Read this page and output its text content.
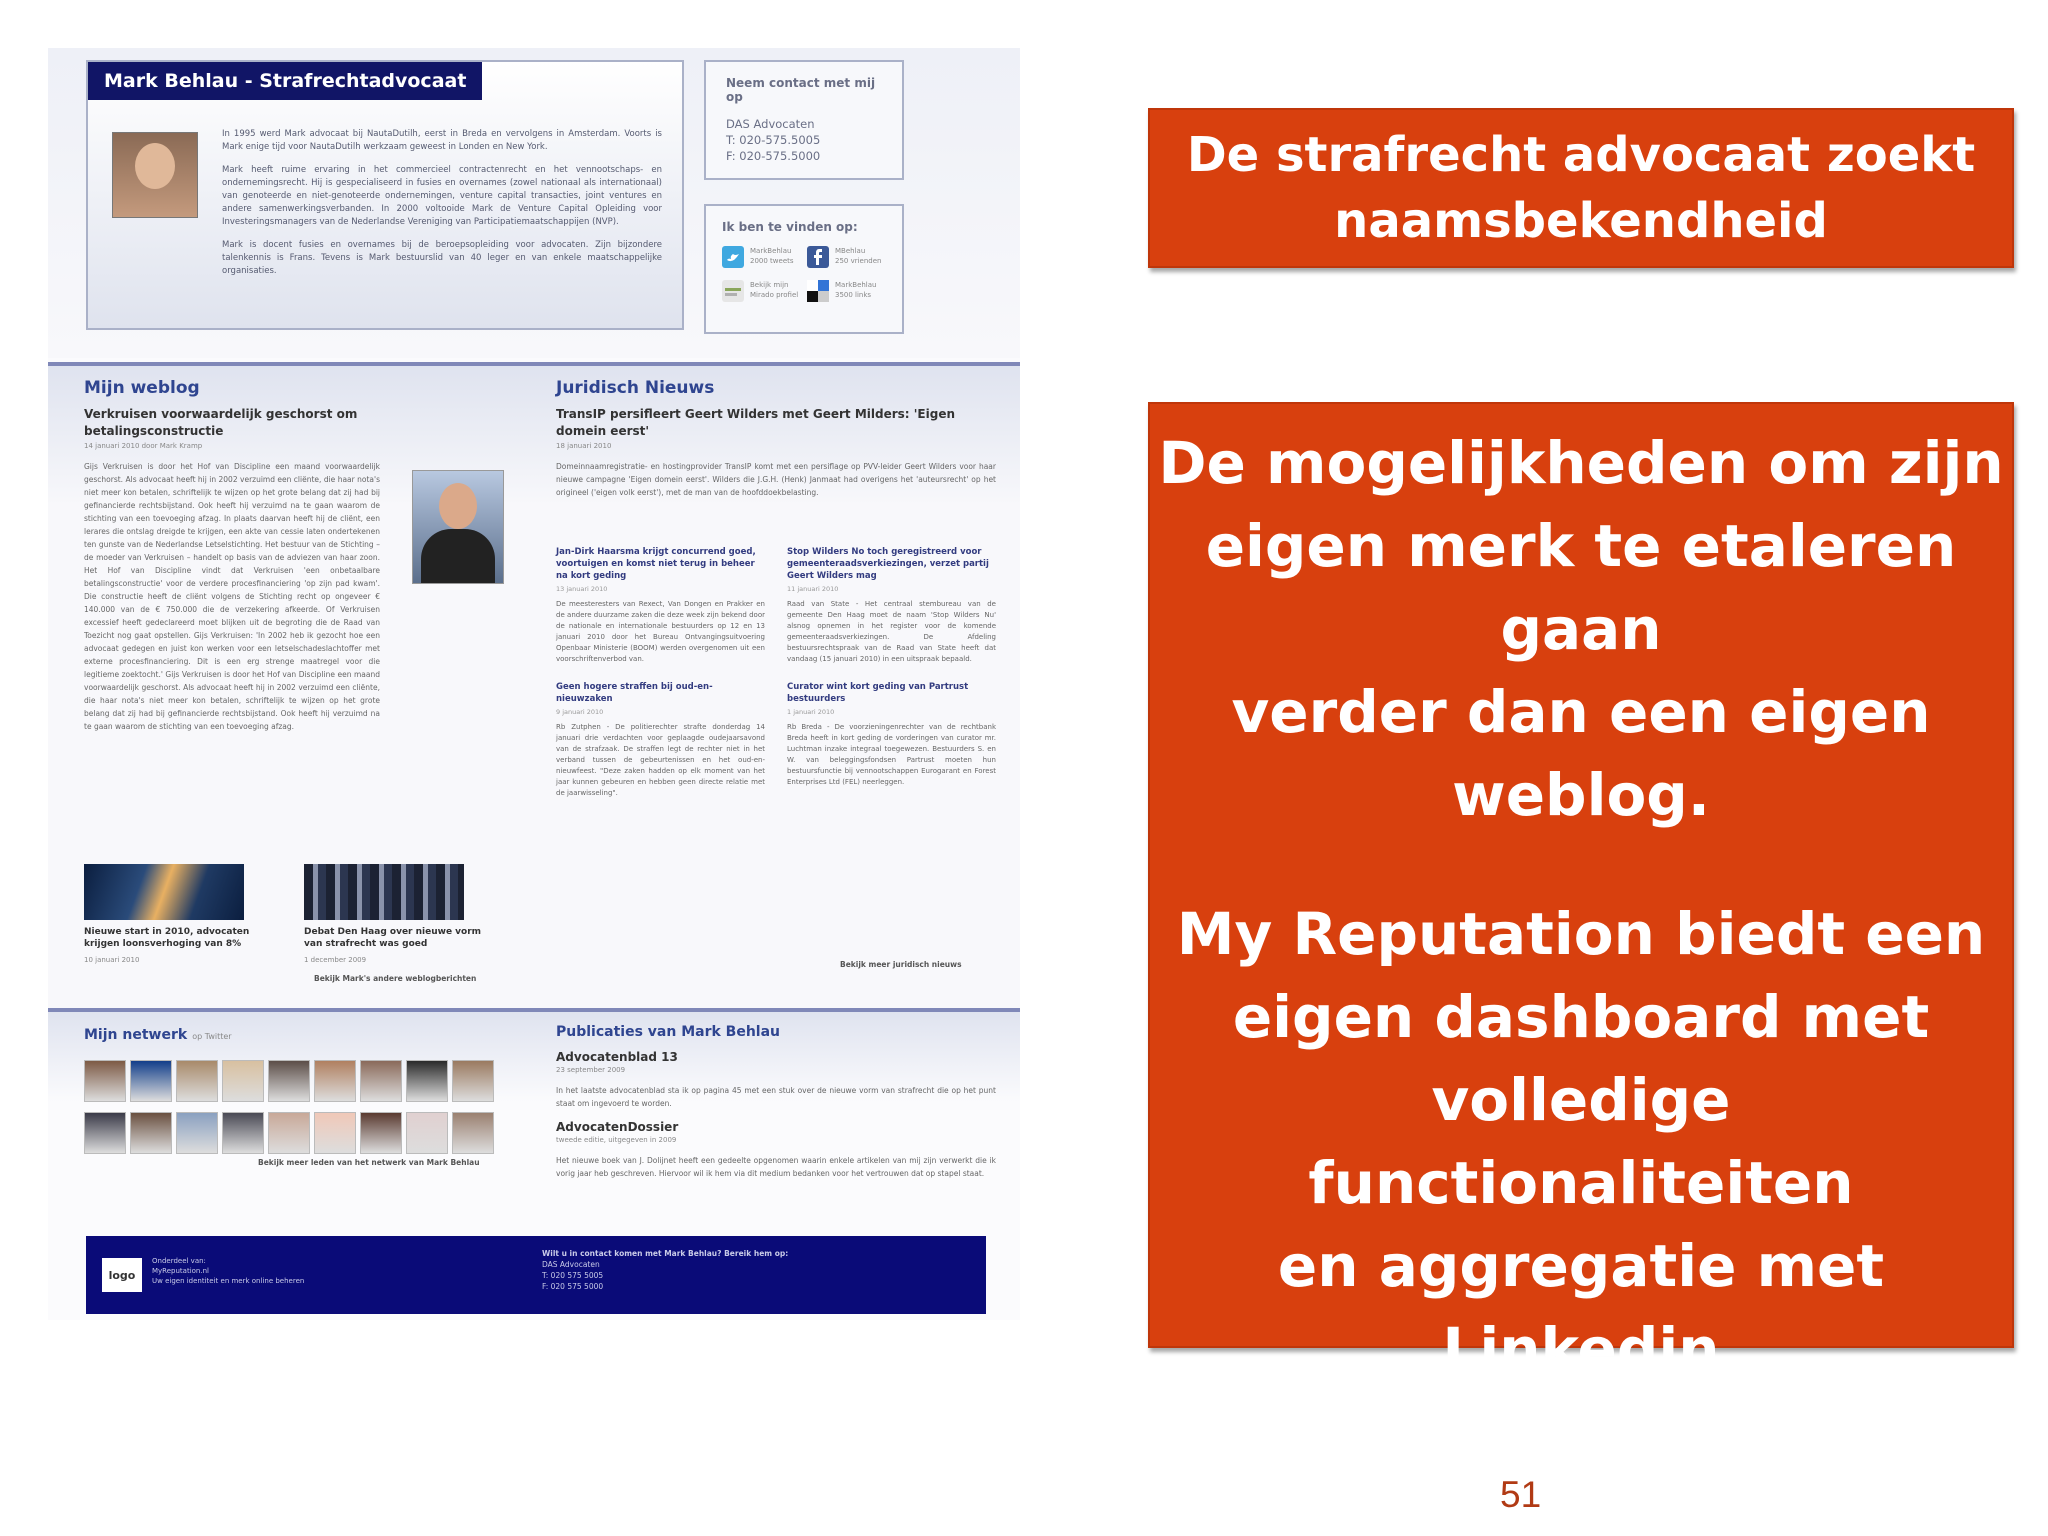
Mark Behlau - Strafrechtadvocaat

In 1995 werd Mark advocaat bij NautaDutilh, eerst in Breda en vervolgens in Amsterdam. Voorts is Mark enige tijd voor NautaDutilh werkzaam geweest in Londen en New York.

Mark heeft ruime ervaring in het commercieel contractenrecht en het vennootschaps- en ondernemingsrecht. Hij is gespecialiseerd in fusies en overnames (zowel nationaal als internationaal) van genoteerde en niet-genoteerde ondernemingen, venture capital transacties, joint ventures en andere samenwerkingsverbanden. In 2000 voltooide Mark de Venture Capital Opleiding voor Investeringsmanagers van de Nederlandse Vereniging van Participatiemaatschappijen (NVP).

Mark is docent fusies en overnames bij de beroepsopleiding voor advocaten. Zijn bijzondere talenkennis is Frans. Tevens is Mark bestuurslid van 40 leger en van enkele maatschappelijke organisaties.

Neem contact met mij op
DAS Advocaten
T: 020-575.5005
F: 020-575.5000
Ik ben te vinden op:
MarkBehlau
2000 tweets
MBehlau
250 vrienden
Bekijk mijn
Mirado profiel
MarkBehlau
3500 links
Mijn weblog
Verkruisen voorwaardelijk geschorst om betalingsconstructie
14 januari 2010 door Mark Kramp
Gijs Verkruisen is door het Hof van Discipline een maand voorwaardelijk geschorst. Als advocaat heeft hij in 2002 verzuimd een cliënte, die haar nota's niet meer kon betalen, schriftelijk te wijzen op het grote belang dat zij had bij gefinancierde rechtsbijstand. Ook heeft hij verzuimd na te gaan waarom de stichting van een toevoeging afzag. In plaats daarvan heeft hij de cliënt, een lerares die ontslag dreigde te krijgen, een akte van cessie laten ondertekenen ten gunste van de Nederlandse Letselstichting. Het bestuur van de Stichting – de moeder van Verkruisen – handelt op basis van de adviezen van haar zoon. Het Hof van Discipline vindt dat Verkruisen 'een onbetaalbare betalingsconstructie' voor de verdere procesfinanciering 'op zijn pad kwam'. Die constructie heeft de cliënt volgens de Stichting recht op ongeveer € 140.000 van de € 750.000 die de verzekering afkeerde. Of Verkruisen excessief heeft gedeclareerd moet blijken uit de begroting die de Raad van Toezicht nog gaat opstellen. Gijs Verkruisen: 'In 2002 heb ik gezocht hoe een advocaat gedegen en juist kon werken voor een letselschadeslachtoffer met externe procesfinanciering. Dit is een erg strenge maatregel voor die legitieme zoektocht.' Gijs Verkruisen is door het Hof van Discipline een maand voorwaardelijk geschorst. Als advocaat heeft hij in 2002 verzuimd een cliënte, die haar nota's niet meer kon betalen, schriftelijk te wijzen op het grote belang dat zij had bij gefinancierde rechtsbijstand. Ook heeft hij verzuimd na te gaan waarom de stichting van een toevoeging afzag.
Nieuwe start in 2010, advocaten krijgen loonsverhoging van 8%
10 januari 2010
Debat Den Haag over nieuwe vorm van strafrecht was goed
1 december 2009
Bekijk Mark's andere weblogberichten
Juridisch Nieuws
TransIP persifleert Geert Wilders met Geert Milders: 'Eigen domein eerst'
18 januari 2010
Domeinnaamregistratie- en hostingprovider TransIP komt met een persiflage op PVV-leider Geert Wilders voor haar nieuwe campagne 'Eigen domein eerst'. Wilders die J.G.H. (Henk) Janmaat had overigens het 'auteursrecht' op het origineel ('eigen volk eerst'), met de man van de hoofddoekbelasting.
Jan-Dirk Haarsma krijgt concurrend goed, voortuigen en komst niet terug in beheer na kort geding
13 januari 2010
De meesteresters van Rexect, Van Dongen en Prakker en de andere duurzame zaken die deze week zijn bekend door de nationale en internationale bestuurders op 12 en 13 januari 2010 door het Bureau Ontvangingsuitvoering Openbaar Ministerie (BOOM) werden overgenomen uit een voorschriftenverbod van.
Stop Wilders No toch geregistreerd voor gemeenteraadsverkiezingen, verzet partij Geert Wilders mag
11 januari 2010
Raad van State - Het centraal stembureau van de gemeente Den Haag moet de naam 'Stop Wilders Nu' alsnog opnemen in het register voor de komende gemeenteraadsverkiezingen. De Afdeling bestuursrechtspraak van de Raad van State heeft dat vandaag (15 januari 2010) in een uitspraak bepaald.
Geen hogere straffen bij oud-en-nieuwzaken
9 januari 2010
Rb Zutphen - De politierechter strafte donderdag 14 januari drie verdachten voor geplaagde oudejaarsavond van de strafzaak. De straffen legt de rechter niet in het verband tussen de gebeurtenissen en het oud-en-nieuwfeest. "Deze zaken hadden op elk moment van het jaar kunnen gebeuren en hebben geen directe relatie met de jaarwisseling".
Curator wint kort geding van Partrust bestuurders
1 januari 2010
Rb Breda - De voorzieningenrechter van de rechtbank Breda heeft in kort geding de vorderingen van curator mr. Luchtman inzake integraal toegewezen. Bestuurders S. en W. van beleggingsfondsen Partrust moeten hun bestuursfunctie bij vennootschappen Eurogarant en Forest Enterprises Ltd (FEL) neerleggen.
Bekijk meer juridisch nieuws
Mijn netwerk op Twitter
Bekijk meer leden van het netwerk van Mark Behlau
Publicaties van Mark Behlau
Advocatenblad 13
23 september 2009
In het laatste advocatenblad sta ik op pagina 45 met een stuk over de nieuwe vorm van strafrecht die op het punt staat om ingevoerd te worden.
AdvocatenDossier
tweede editie, uitgegeven in 2009
Het nieuwe boek van J. Dolijnet heeft een gedeelte opgenomen waarin enkele artikelen van mij zijn verwerkt die ik vorig jaar heb geschreven. Hiervoor wil ik hem via dit medium bedanken voor het vertrouwen dat op stapel staat.
logo
Onderdeel van:
MyReputation.nl
Uw eigen identiteit en merk online beheren
Wilt u in contact komen met Mark Behlau? Bereik hem op:
DAS Advocaten
T: 020 575 5005
F: 020 575 5000
De strafrecht advocaat zoekt
naamsbekendheid

De mogelijkheden om zijn

eigen merk te etaleren gaan

verder dan een eigen

weblog.

My Reputation biedt een

eigen dashboard met

volledige functionaliteiten

en aggregatie met Linkedin

en Twitter.

51
